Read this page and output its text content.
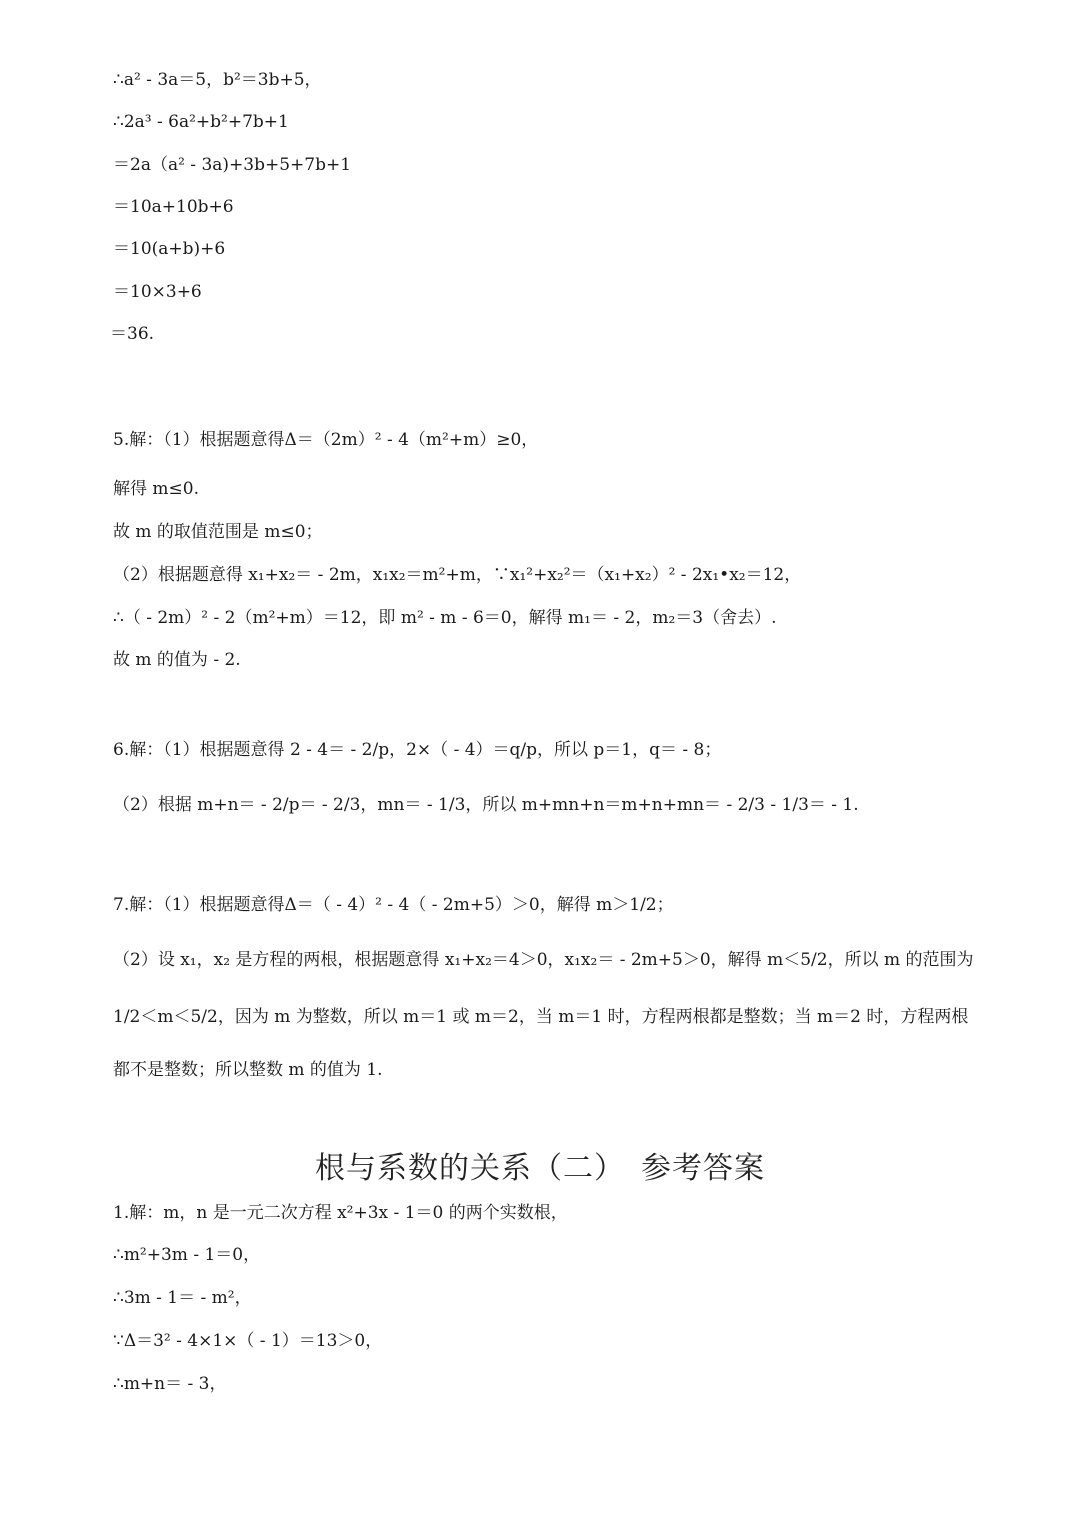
∴a² - 3a＝5，b²＝3b+5，

∴2a³ - 6a²+b²+7b+1

＝2a（a² - 3a)+3b+5+7b+1

＝10a+10b+6

＝10(a+b)+6

＝10×3+6

＝36.

5.解：（1）根据题意得Δ＝（2m）² - 4（m²+m）≥0，

解得 m≤0.

故 m 的取值范围是 m≤0；

（2）根据题意得 x₁+x₂＝ - 2m，x₁x₂＝m²+m，∵x₁²+x₂²＝（x₁+x₂）² - 2x₁•x₂＝12，

∴（ - 2m）² - 2（m²+m）＝12，即 m² - m - 6＝0，解得 m₁＝ - 2，m₂＝3（舍去）.

故 m 的值为 - 2.

6.解：（1）根据题意得 2 - 4＝ - 2/p，2×（ - 4）＝q/p，所以 p＝1，q＝ - 8；

（2）根据 m+n＝ - 2/p＝ - 2/3，mn＝ - 1/3，所以 m+mn+n＝m+n+mn＝ - 2/3 - 1/3＝ - 1.

7.解：（1）根据题意得Δ＝（ - 4）² - 4（ - 2m+5）＞0，解得 m＞1/2；

（2）设 x₁，x₂ 是方程的两根，根据题意得 x₁+x₂＝4＞0，x₁x₂＝ - 2m+5＞0，解得 m＜5/2，所以 m 的范围为

1/2＜m＜5/2，因为 m 为整数，所以 m＝1 或 m＝2，当 m＝1 时，方程两根都是整数；当 m＝2 时，方程两根

都不是整数；所以整数 m 的值为 1.

根与系数的关系（二）　参考答案

1.解：m，n 是一元二次方程 x²+3x - 1＝0 的两个实数根，

∴m²+3m - 1＝0，

∴3m - 1＝ - m²，

∵Δ＝3² - 4×1×（ - 1）＝13＞0，

∴m+n＝ - 3，
